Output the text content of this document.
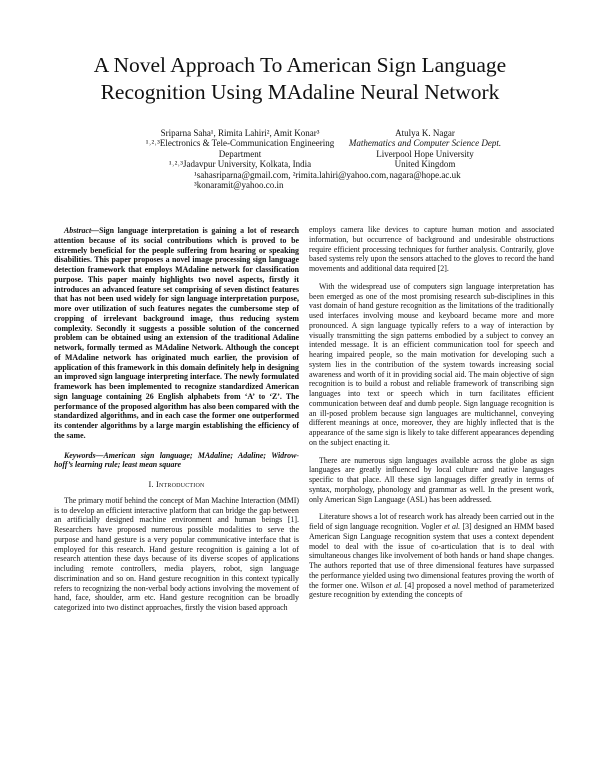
A Novel Approach To American Sign Language
Recognition Using MAdaline Neural Network
Sriparna Saha¹, Rimita Lahiri², Amit Konar³
¹˒²˒³Electronics & Tele-Communication Engineering
Department
¹˒²˒³Jadavpur University, Kolkata, India
¹sahasriparna@gmail.com, ²rimita.lahiri@yahoo.com,
³konaramit@yahoo.co.in
Atulya K. Nagar
Mathematics and Computer Science Dept.
Liverpool Hope University
United Kingdom
nagara@hope.ac.uk

Abstract—Sign language interpretation is gaining a lot of research attention because of its social contributions which is proved to be extremely beneficial for the people suffering from hearing or speaking disabilities. This paper proposes a novel image processing sign language detection framework that employs MAdaline network for classification purpose. This paper mainly highlights two novel aspects, firstly it introduces an advanced feature set comprising of seven distinct features that has not been used widely for sign language interpretation purpose, more over utilization of such features negates the cumbersome step of cropping of irrelevant background image, thus reducing system complexity. Secondly it suggests a possible solution of the concerned problem can be obtained using an extension of the traditional Adaline network, formally termed as MAdaline Network. Although the concept of MAdaline network has originated much earlier, the provision of application of this framework in this domain definitely help in designing an improved sign language interpreting interface. The newly formulated framework has been implemented to recognize standardized American sign language containing 26 English alphabets from ‘A’ to ‘Z’. The performance of the proposed algorithm has also been compared with the standardized algorithms, and in each case the former one outperformed its contender algorithms by a large margin establishing the efficiency of the same.

Keywords—American sign language; MAdaline; Adaline; Widrow-hoff’s learning rule; least mean square

I. Introduction

The primary motif behind the concept of Man Machine Interaction (MMI) is to develop an efficient interactive platform that can bridge the gap between an artificially designed machine environment and human beings [1]. Researchers have proposed numerous possible modalities to serve the purpose and hand gesture is a very popular communicative interface that is employed for this research. Hand gesture recognition is gaining a lot of research attention these days because of its diverse scopes of applications including remote controllers, media players, robot, sign language discrimination and so on. Hand gesture recognition in this context typically refers to recognizing the non-verbal body actions involving the movement of hand, face, shoulder, arm etc. Hand gesture recognition can be broadly categorized into two distinct approaches, firstly the vision based approach

employs camera like devices to capture human motion and associated information, but occurrence of background and undesirable obstructions require efficient processing techniques for further analysis. Contrarily, glove based systems rely upon the sensors attached to the gloves to record the hand movements and additional data required [2].

With the widespread use of computers sign language interpretation has been emerged as one of the most promising research sub-disciplines in this vast domain of hand gesture recognition as the limitations of the traditionally used interfaces involving mouse and keyboard became more and more pronounced. A sign language typically refers to a way of interaction by visually transmitting the sign patterns embodied by a subject to convey an intended message. It is an efficient communication tool for speech and hearing impaired people, so the main motivation for developing such a system lies in the contribution of the system towards increasing social awareness and worth of it in providing social aid. The main objective of sign recognition is to build a robust and reliable framework of transcribing sign languages into text or speech which in turn facilitates efficient communication between deaf and dumb people. Sign language recognition is an ill-posed problem because sign languages are multichannel, conveying different meanings at once, moreover, they are highly inflected that is the appearance of the same sign is likely to take different appearances depending on the subject enacting it.

There are numerous sign languages available across the globe as sign languages are greatly influenced by local culture and native languages specific to that place. All these sign languages differ greatly in terms of syntax, morphology, phonology and grammar as well. In the present work, only American Sign Language (ASL) has been addressed.

Literature shows a lot of research work has already been carried out in the field of sign language recognition. Vogler et al. [3] designed an HMM based American Sign Language recognition system that uses a context dependent model to deal with the issue of co-articulation that is to deal with simultaneous changes like involvement of both hands or hand shape changes. The authors reported that use of three dimensional features have surpassed the performance yielded using two dimensional features proving the worth of the former one. Wilson et al. [4] proposed a novel method of parameterized gesture recognition by extending the concepts of
